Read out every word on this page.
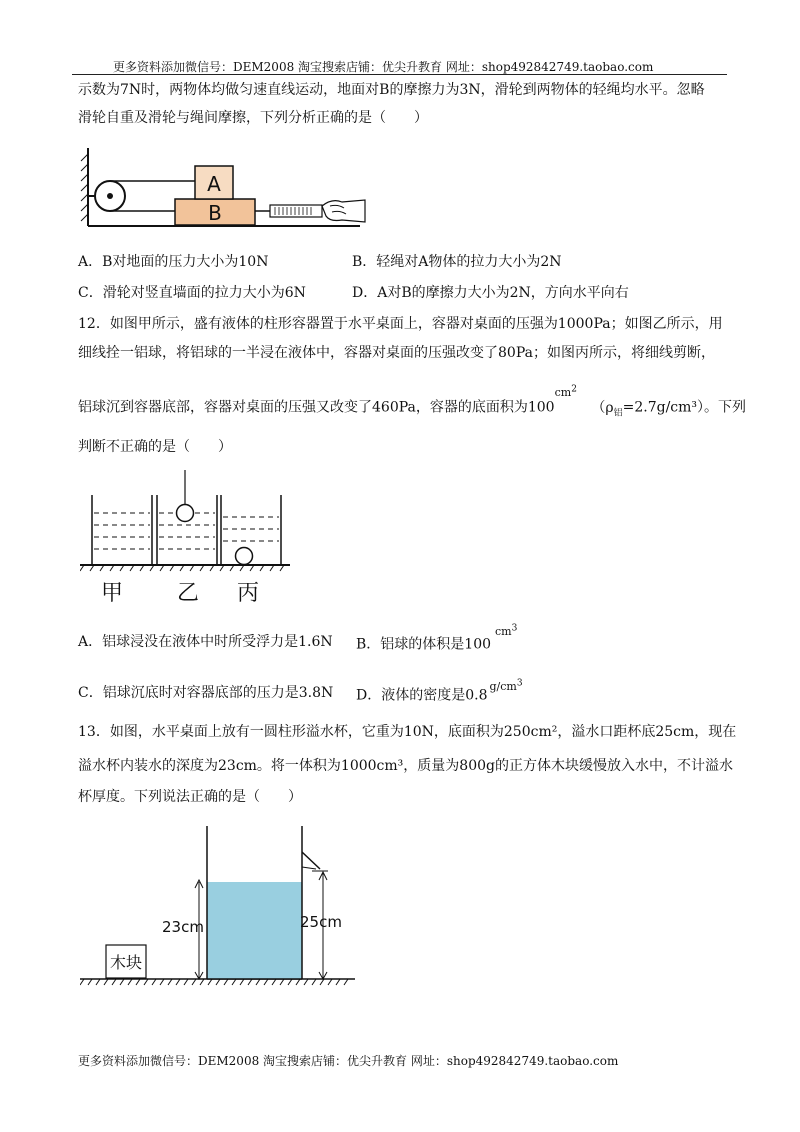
更多资料添加微信号：DEM2008 淘宝搜索店铺：优尖升教育 网址：shop492842749.taobao.com
示数为7N时，两物体均做匀速直线运动，地面对B的摩擦力为3N，滑轮到两物体的轻绳均水平。忽略
滑轮自重及滑轮与绳间摩擦，下列分析正确的是（　　）
A
B
A．B对地面的压力大小为10N	B．轻绳对A物体的拉力大小为2N
C．滑轮对竖直墙面的拉力大小为6N	D．A对B的摩擦力大小为2N，方向水平向右
12．如图甲所示，盛有液体的柱形容器置于水平桌面上，容器对桌面的压强为1000Pa；如图乙所示，用
细线拴一铝球，将铝球的一半浸在液体中，容器对桌面的压强改变了80Pa；如图丙所示，将细线剪断，
铝球沉到容器底部，容器对桌面的压强又改变了460Pa，容器的底面积为$100^{cm^2}$ $(\rho_铝=2.7g/cm^3)$。下列
判断不正确的是（　　）
甲 乙 丙
A．铝球浸没在液体中时所受浮力是1.6N B．铝球的体积是$100^{cm^3}$
C．铝球沉底时对容器底部的压力是3.8N D．液体的密度是$0.8^{g/cm^3}$
13．如图，水平桌面上放有一圆柱形溢水杯，它重为10N，底面积为250cm²，溢水口距杯底25cm，现在
溢水杯内装水的深度为23cm。将一体积为1000cm³，质量为800g的正方体木块缓慢放入水中，不计溢水
杯厚度。下列说法正确的是（　　）
木块
23cm	25cm
更多资料添加微信号：DEM2008 淘宝搜索店铺：优尖升教育 网址：shop492842749.taobao.com
